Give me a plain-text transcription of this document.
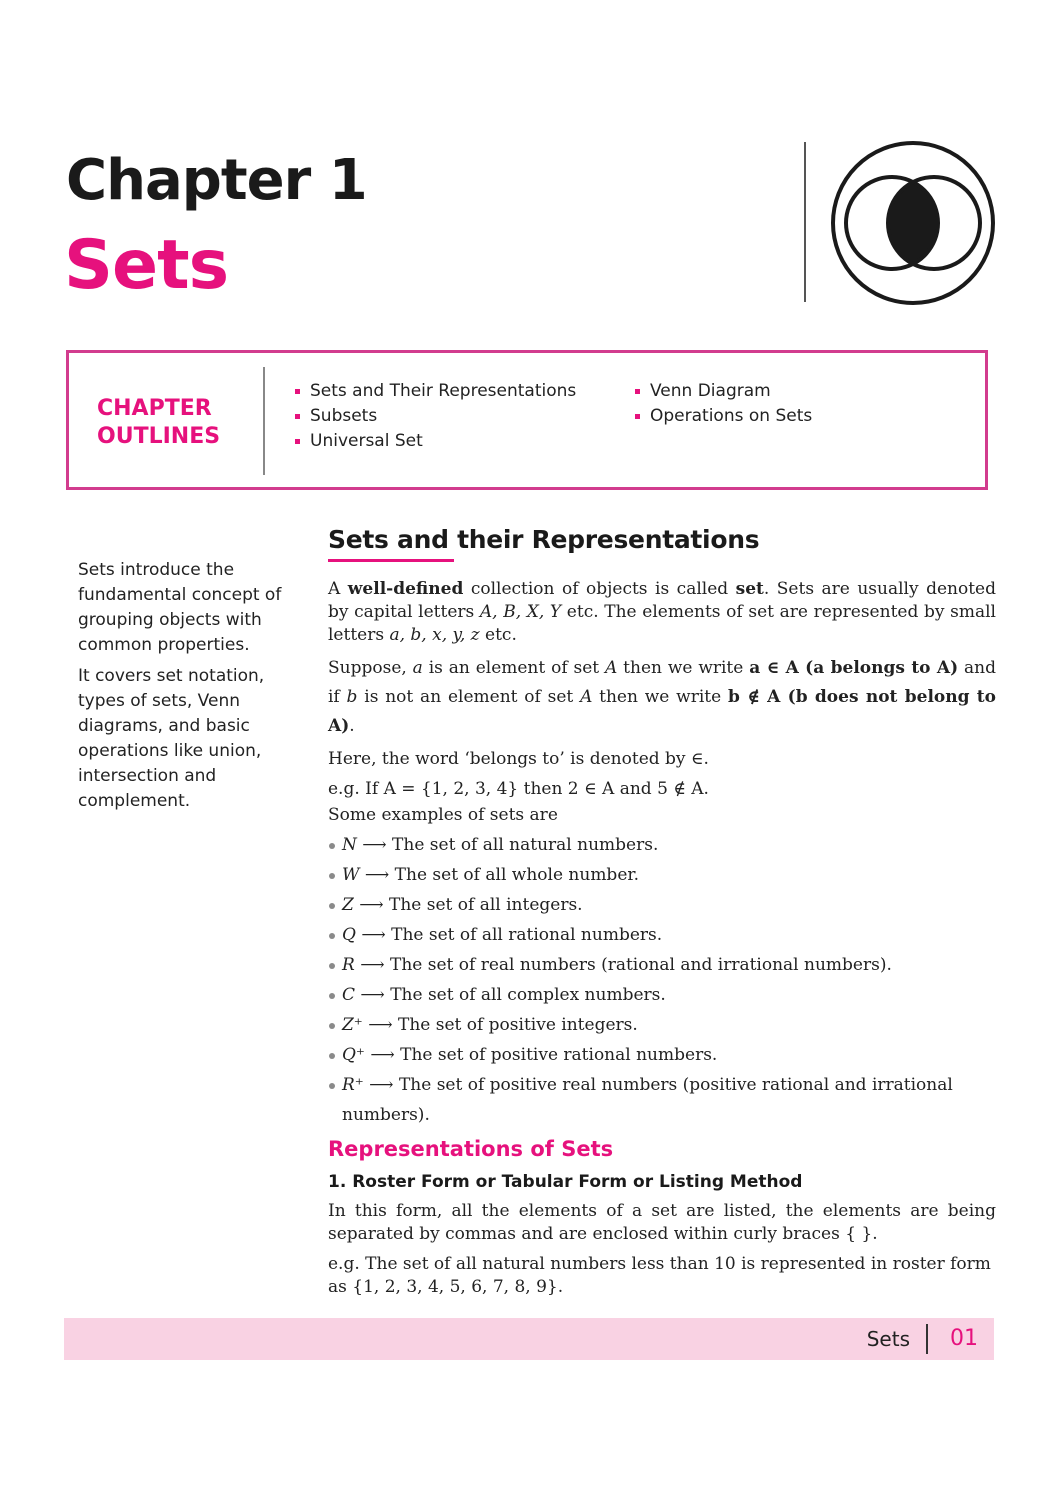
Chapter 1
Sets
CHAPTER
OUTLINES
Sets and Their Representations
Subsets
Universal Set
Venn Diagram
Operations on Sets

Sets introduce the fundamental concept of grouping objects with common properties.

It covers set notation, types of sets, Venn diagrams, and basic operations like union, intersection and complement.

Sets and their Representations

A well-defined collection of objects is called set. Sets are usually denoted by capital letters A, B, X, Y etc. The elements of set are represented by small letters a, b, x, y, z etc.

Suppose, a is an element of set A then we write a ∈ A (a belongs to A) and if b is not an element of set A then we write b ∉ A (b does not belong to A).

Here, the word ‘belongs to’ is denoted by ∈.

e.g. If A = {1, 2, 3, 4} then 2 ∈ A and 5 ∉ A.

Some examples of sets are

N ⟶ The set of all natural numbers.
W ⟶ The set of all whole number.
Z ⟶ The set of all integers.
Q ⟶ The set of all rational numbers.
R ⟶ The set of real numbers (rational and irrational numbers).
C ⟶ The set of all complex numbers.
Z⁺ ⟶ The set of positive integers.
Q⁺ ⟶ The set of positive rational numbers.
R⁺ ⟶ The set of positive real numbers (positive rational and irrational numbers).
Representations of Sets
1. Roster Form or Tabular Form or Listing Method

In this form, all the elements of a set are listed, the elements are being separated by commas and are enclosed within curly braces { }.

e.g. The set of all natural numbers less than 10 is represented in roster form as {1, 2, 3, 4, 5, 6, 7, 8, 9}.

Sets 01
